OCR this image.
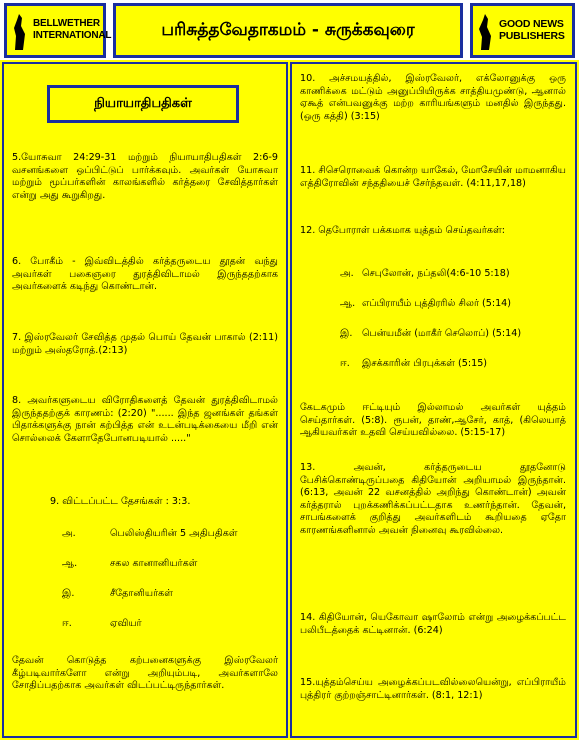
BELLWETHER INTERNATIONAL	பரிசுத்தவேதாகமம் - சுருக்கவுரை	GOOD NEWS PUBLISHERS
நியாயாதிபதிகள்
5.யோசுவா 24:29-31 மற்றும் நியாயாதிபதிகள் 2:6-9 வசனங்களை ஒப்பிட்டுப் பார்க்கவும். அவர்கள் யோசுவா மற்றும் மூப்பர்களின் காலங்களில் கர்த்தரை சேவித்தார்கள் என்று அது கூறுகிறது.
6. போகீம் - இவ்விடத்தில் கர்த்தருடைய தூதன் வந்து அவர்கள் பகைஞரை துரத்திவிடாமல் இருந்ததற்காக அவர்களைக் கடிந்து கொண்டான்.
7. இஸ்ரவேலர் சேவித்த முதல் பொய் தேவன் பாகால் (2:11) மற்றும் அஸ்தரோத்.(2:13)
8. அவர்களுடைய விரோதிகளைத் தேவன் துரத்திவிடாமல் இருந்ததற்குக் காரணம்: (2:20) "...... இந்த ஜனங்கள் தங்கள் பிதாக்களுக்கு நான் கற்பித்த என் உடன்படிக்கையை மீறி என் சொல்லைக் கேளாதேபோனபடியால் ....."
9. விட்டப்பட்ட தேசங்கள் : 3:3.
அ.	பெலிஸ்தியரின் 5 அதிபதிகள்
ஆ.	சகல கானானியர்கள்
இ.	சீதோனியர்கள்
ஈ.	ஏவியர்
தேவன் கொடுத்த கற்பனைகளுக்கு இஸ்ரவேலர் கீழ்படிவார்களோ என்று அறியும்படி, அவர்களாலே சோதிப்பதற்காக அவர்கள் விடப்பட்டிருந்தார்கள்.
10. அச்சமயத்தில், இஸ்ரவேலர், எக்லோனுக்கு ஒரு காணிக்கை மட்டும் அனுப்பியிருக்க சாத்தியமுண்டு, ஆனால் ஏகூத் என்பவனுக்கு மற்ற காரியங்களும் மனதில் இருந்தது. (ஒரு கத்தி) (3:15)
11. சிசெரொவைக் கொன்ற யாகேல், மோசேயின் மாமனாகிய எத்திரோவின் சந்ததியைச் சேர்ந்தவள். (4:11,17,18)
12. தெபோராள் பக்கமாக யுத்தம் செய்தவர்கள்:
அ. செபுலோன், நப்தலி(4:6-10 5:18)
ஆ. எப்பிராயீம் புத்திரரில் சிலர் (5:14)
இ. பென்யமீன் (மாகீர் செலொப்) (5:14)
ஈ. இசக்காரின் பிரபுக்கள் (5:15)
கேடகமும் ஈட்டியும் இல்லாமல் அவர்கள் யுத்தம் செய்தார்கள். (5:8). ரூபன், தாண்,ஆசேர், காத், (கிலெயாத் ஆகியவர்கள் உதவி செய்யவில்லை. (5:15-17)
13. அவன், கர்த்தருடைய தூதனோடு பேசிக்கொண்டிருப்பதை கிதியோன் அறியாமல் இருந்தான். (6:13, அவன் 22 வசனத்தில் அறிந்து கொண்டான்) அவன் கர்த்தரால் புறக்கணிக்கப்பட்டதாக உணர்ந்தான். தேவன், சாபங்களைக் குறித்து அவர்களிடம் கூறியதை ஏதோ காரணங்களினால் அவன் நினைவு கூரவில்லை.
14. கிதியோன், யெகோவா ஷாலோம் என்று அழைக்கப்பட்ட பலிபீடத்தைக் கட்டினான். (6:24)
15.யுத்தம்செய்ய அழைக்கப்படவில்லையென்று, எப்பிராயீம் புத்திரர் குற்றஞ்சாட்டினார்கள். (8:1, 12:1)
